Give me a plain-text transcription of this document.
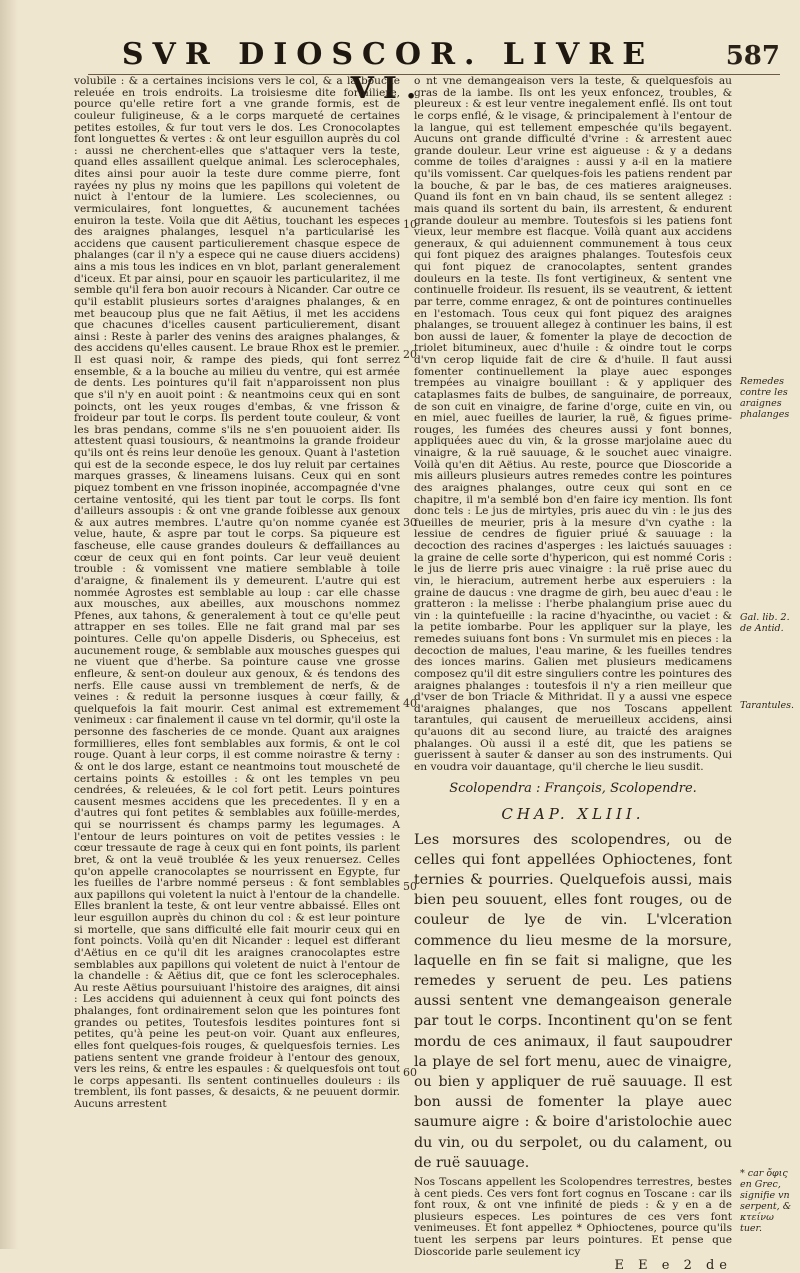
SVR DIOSCOR. LIVRE VI.
587

volubile : & a certaines incisions vers le col, & a la bouche releuée en trois endroits. La troisiesme dite formiliere, pource qu'elle retire fort a vne grande formis, est de couleur fuligineuse, & a le corps marqueté de certaines petites estoiles, & fur tout vers le dos. Les Cronocolaptes font longuettes & vertes : & ont leur esguillon auprès du col : aussi ne cherchent-elles que s'attaquer vers la teste, quand elles assaillent quelque animal. Les sclerocephales, dites ainsi pour auoir la teste dure comme pierre, font rayées ny plus ny moins que les papillons qui voletent de nuict à l'entour de la lumiere. Les scoleciennes, ou vermiculaires, font longuettes, & aucunement tachées enuiron la teste. Voila que dit Aëtius, touchant les especes des araignes phalanges, lesquel n'a particularisé les accidens que causent particulierement chasque espece de phalanges (car il n'y a espece qui ne cause diuers accidens) ains a mis tous les indices en vn blot, parlant generalement d'iceux. Et par ainsi, pour en sçauoir les particularitez, il me semble qu'il fera bon auoir recours à Nicander. Car outre ce qu'il establit plusieurs sortes d'araignes phalanges, & en met beaucoup plus que ne fait Aëtius, il met les accidens que chacunes d'icelles causent particulierement, disant ainsi : Reste à parler des venins des araignes phalanges, & des accidens qu'elles causent. Le braue Rhox est le premier. Il est quasi noir, & rampe des pieds, qui font serrez ensemble, & a la bouche au milieu du ventre, qui est armée de dents. Les pointures qu'il fait n'apparoissent non plus que s'il n'y en auoit point : & neantmoins ceux qui en sont poincts, ont les yeux rouges d'embas, & vne frisson & froideur par tout le corps. Ils perdent toute couleur, & vont les bras pendans, comme s'ils ne s'en pouuoient aider. Ils attestent quasi tousiours, & neantmoins la grande froideur qu'ils ont és reins leur denoüe les genoux. Quant à l'astetion qui est de la seconde espece, le dos luy reluit par certaines marques grasses, & lineamens luisans. Ceux qui en sont piquez tombent en vne frisson inopinée, accompagnée d'vne certaine ventosité, qui les tient par tout le corps. Ils font d'ailleurs assoupis : & ont vne grande foiblesse aux genoux & aux autres membres. L'autre qu'on nomme cyanée est velue, haute, & aspre par tout le corps. Sa piqueure est fascheuse, elle cause grandes douleurs & deffaillances au cœur de ceux qui en font points. Car leur veuë deuient trouble : & vomissent vne matiere semblable à toile d'araigne, & finalement ils y demeurent. L'autre qui est nommée Agrostes est semblable au loup : car elle chasse aux mousches, aux abeilles, aux mouschons nommez Pfenes, aux tahons, & generalement à tout ce qu'elle peut attrapper en ses toiles. Elle ne fait grand mal par ses pointures. Celle qu'on appelle Disderis, ou Spheceius, est aucunement rouge, & semblable aux mousches guespes qui ne viuent que d'herbe. Sa pointure cause vne grosse enfleure, & sent-on douleur aux genoux, & és tendons des nerfs. Elle cause aussi vn tremblement de nerfs, & de veines : & reduit la personne iusques à cœur failly, & quelquefois la fait mourir. Cest animal est extremement venimeux : car finalement il cause vn tel dormir, qu'il oste la personne des fascheries de ce monde. Quant aux araignes formillieres, elles font semblables aux formis, & ont le col rouge. Quant à leur corps, il est comme noirastre & terny : & ont le dos large, estant ce neantmoins tout mouscheté de certains points & estoilles : & ont les temples vn peu cendrées, & releuées, & le col fort petit. Leurs pointures causent mesmes accidens que les precedentes. Il y en a d'autres qui font petites & semblables aux foüille-merdes, qui se nourrissent és champs parmy les legumages. A l'entour de leurs pointures on voit de petites vessies : le cœur tressaute de rage à ceux qui en font points, ils parlent bret, & ont la veuë troublée & les yeux renuersez. Celles qu'on appelle cranocolaptes se nourrissent en Egypte, fur les fueilles de l'arbre nommé perseus : & font semblables aux papillons qui voletent la nuict à l'entour de la chandelle. Elles branlent la teste, & ont leur ventre abbaissé. Elles ont leur esguillon auprès du chinon du col : & est leur pointure si mortelle, que sans difficulté elle fait mourir ceux qui en font poincts. Voilà qu'en dit Nicander : lequel est differant d'Aëtius en ce qu'il dit les araignes cranocolaptes estre semblables aux papillons qui voletent de nuict à l'entour de la chandelle : & Aëtius dit, que ce font les sclerocephales. Au reste Aëtius poursuiuant l'histoire des araignes, dit ainsi : Les accidens qui aduiennent à ceux qui font poincts des phalanges, font ordinairement selon que les pointures font grandes ou petites, Toutesfois lesdites pointures font si petites, qu'à peine les peut-on voir. Quant aux enfleures, elles font quelques-fois rouges, & quelquesfois ternies. Les patiens sentent vne grande froideur à l'entour des genoux, vers les reins, & entre les espaules : & quelquesfois ont tout le corps appesanti. Ils sentent continuelles douleurs : ils tremblent, ils font passes, & desaicts, & ne peuuent dormir. Aucuns arrestent

o nt vne demangeaison vers la teste, & quelquesfois au gras de la iambe. Ils ont les yeux enfoncez, troubles, & pleureux : & est leur ventre inegalement enflé. Ils ont tout le corps enflé, & le visage, & principalement à l'entour de la langue, qui est tellement empeschée qu'ils begayent. Aucuns ont grande difficulté d'vrine : & arrestent auec grande douleur. Leur vrine est aigueuse : & y a dedans comme de toiles d'araignes : aussi y a-il en la matiere qu'ils vomissent. Car quelques-fois les patiens rendent par la bouche, & par le bas, de ces matieres araigneuses. Quand ils font en vn bain chaud, ils se sentent allegez : mais quand ils sortent du bain, ils arrestent, & endurent grande douleur au membre. Toutesfois si les patiens font vieux, leur membre est flacque. Voilà quant aux accidens generaux, & qui aduiennent communement à tous ceux qui font piquez des araignes phalanges. Toutesfois ceux qui font piquez de cranocolaptes, sentent grandes douleurs en la teste. Ils font vertigineux, & sentent vne continuelle froideur. Ils resuent, ils se veautrent, & iettent par terre, comme enragez, & ont de pointures continuelles en l'estomach. Tous ceux qui font piquez des araignes phalanges, se trouuent allegez à continuer les bains, il est bon aussi de lauer, & fomenter la playe de decoction de triolet bitumineux, auec d'huile : & oindre tout le corps d'vn cerop liquide fait de cire & d'huile. Il faut aussi fomenter continuellement la playe auec esponges trempées au vinaigre bouillant : & y appliquer des cataplasmes faits de bulbes, de sanguinaire, de porreaux, de son cuit en vinaigre, de farine d'orge, cuite en vin, ou en miel, auec fueilles de laurier, la ruë, & figues prime-rouges, les fumées des cheures aussi y font bonnes, appliquées auec du vin, & la grosse marjolaine auec du vinaigre, & la ruë sauuage, & le souchet auec vinaigre. Voilà qu'en dit Aëtius. Au reste, pource que Dioscoride a mis ailleurs plusieurs autres remedes contre les pointures des araignes phalanges, outre ceux qui sont en ce chapitre, il m'a semblé bon d'en faire icy mention. Ils font donc tels : Le jus de mirtyles, pris auec du vin : le jus des fueilles de meurier, pris à la mesure d'vn cyathe : la lessiue de cendres de figuier priué & sauuage : la decoction des racines d'asperges : les laictués sauuages : la graine de celle sorte d'hypericon, qui est nommé Coris : le jus de lierre pris auec vinaigre : la ruë prise auec du vin, le hieracium, autrement herbe aux esperuiers : la graine de daucus : vne dragme de girh, beu auec d'eau : le gratteron : la melisse : l'herbe phalangium prise auec du vin : la quintefueille : la racine d'hyacinthe, ou vaciet : & la petite iombarbe. Pour les appliquer sur la playe, les remedes suiuans font bons : Vn surmulet mis en pieces : la decoction de malues, l'eau marine, & les fueilles tendres des ionces marins. Galien met plusieurs medicamens composez qu'il dit estre singuliers contre les pointures des araignes phalanges : toutesfois il n'y a rien meilleur que d'vser de bon Triacle & Mithridat. Il y a aussi vne espece d'araignes phalanges, que nos Toscans appellent tarantules, qui causent de merueilleux accidens, ainsi qu'auons dit au second liure, au traicté des araignes phalanges. Où aussi il a esté dit, que les patiens se guerissent à sauter & danser au son des instruments. Qui en voudra voir dauantage, qu'il cherche le lieu susdit.

Scolopendra : François, Scolopendre.
CHAP. XLIII.

Les morsures des scolopendres, ou de celles qui font appellées Ophioctenes, font ternies & pourries. Quelquefois aussi, mais bien peu souuent, elles font rouges, ou de couleur de lye de vin. L'vlceration commence du lieu mesme de la morsure, laquelle en fin se fait si maligne, que les remedes y seruent de peu. Les patiens aussi sentent vne demangeaison generale par tout le corps. Incontinent qu'on se fent mordu de ces animaux, il faut saupoudrer la playe de sel fort menu, auec de vinaigre, ou bien y appliquer de ruë sauuage. Il est bon aussi de fomenter la playe auec saumure aigre : & boire d'aristolochie auec du vin, ou du serpolet, ou du calament, ou de ruë sauuage.

Nos Toscans appellent les Scolopendres terrestres, bestes à cent pieds. Ces vers font fort cognus en Toscane : car ils font roux, & ont vne infinité de pieds : & y en a de plusieurs especes. Les pointures de ces vers font venimeuses. Et font appellez * Ophioctenes, pource qu'ils tuent les serpens par leurs pointures. Et pense que Dioscoride parle seulement icy

E E e 2 de
10
20
30
40
50
60
Remedes contre les araignes phalanges
Gal. lib. 2. de Antid.
Tarantules.
* car ὄφις en Grec, signifie vn serpent, & κτείνω tuer.
